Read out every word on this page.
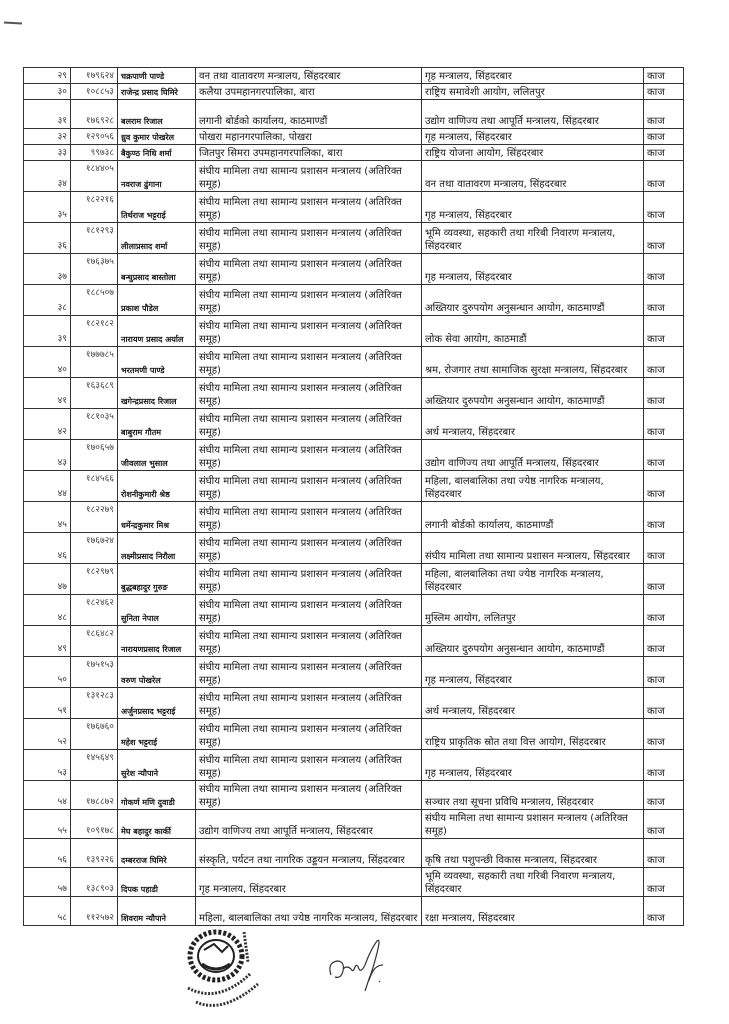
२९	१७९६२४	चक्रपाणी पाण्डे	वन तथा वातावरण मन्त्रालय, सिंहदरबार	गृह मन्त्रालय, सिंहदरबार	काज
३०	१०८८५३	राजेन्द्र प्रसाद घिमिरे	कलैया उपमहानगरपालिका, बारा	राष्ट्रिय समावेशी आयोग, ललितपुर	काज
३१	१७६९२८	बलराम रिजाल	लगानी बोर्डको कार्यालय, काठमाण्डौं	उद्योग वाणिज्य तथा आपूर्ति मन्त्रालय, सिंहदरबार	काज
३२	१२९०५६	ध्रुव कुमार पोखरेल	पोखरा महानगरपालिका, पोखरा	गृह मन्त्रालय, सिंहदरबार	काज
३३	९९७३८	बैकुण्ठ निधि शर्मा	जितपुर सिमरा उपमहानगरपालिका, बारा	राष्ट्रिय योजना आयोग, सिंहदरबार	काज
३४	१८४४०५	नवराज ढुंगाना	संघीय मामिला तथा सामान्य प्रशासन मन्त्रालय (अतिरिक्त समूह)	वन तथा वातावरण मन्त्रालय, सिंहदरबार	काज
३५	१८२२१६	तिर्थराज भट्टराई	संघीय मामिला तथा सामान्य प्रशासन मन्त्रालय (अतिरिक्त समूह)	गृह मन्त्रालय, सिंहदरबार	काज
३६	१८१२९३	लीलाप्रसाद शर्मा	संघीय मामिला तथा सामान्य प्रशासन मन्त्रालय (अतिरिक्त समूह)	भूमि व्यवस्था, सहकारी तथा गरिबी निवारण मन्त्रालय, सिंहदरबार	काज
३७	१७६३७५	बन्धुप्रसाद बास्तोला	संघीय मामिला तथा सामान्य प्रशासन मन्त्रालय (अतिरिक्त समूह)	गृह मन्त्रालय, सिंहदरबार	काज
३८	१८८५०७	प्रकाश पौडेल	संघीय मामिला तथा सामान्य प्रशासन मन्त्रालय (अतिरिक्त समूह)	अख्तियार दुरुपयोग अनुसन्धान आयोग, काठमाण्डौं	काज
३९	१८२१८२	नारायण प्रसाद अर्याल	संघीय मामिला तथा सामान्य प्रशासन मन्त्रालय (अतिरिक्त समूह)	लोक सेवा आयोग, काठमाडौं	काज
४०	१७७७८५	भरतमणी पाण्डे	संघीय मामिला तथा सामान्य प्रशासन मन्त्रालय (अतिरिक्त समूह)	श्रम, रोजगार तथा सामाजिक सुरक्षा मन्त्रालय, सिंहदरबार	काज
४१	१६३६८९	खगेन्द्रप्रसाद रिजाल	संघीय मामिला तथा सामान्य प्रशासन मन्त्रालय (अतिरिक्त समूह)	अख्तियार दुरुपयोग अनुसन्धान आयोग, काठमाण्डौं	काज
४२	१८१०३५	बाबुराम गौतम	संघीय मामिला तथा सामान्य प्रशासन मन्त्रालय (अतिरिक्त समूह)	अर्थ मन्त्रालय, सिंहदरबार	काज
४३	१७०६५७	जीवलाल भुसाल	संघीय मामिला तथा सामान्य प्रशासन मन्त्रालय (अतिरिक्त समूह)	उद्योग वाणिज्य तथा आपूर्ति मन्त्रालय, सिंहदरबार	काज
४४	१८४५६६	रोशनीकुमारी श्रेष्ठ	संघीय मामिला तथा सामान्य प्रशासन मन्त्रालय (अतिरिक्त समूह)	महिला, बालबालिका तथा ज्येष्ठ नागरिक मन्त्रालय, सिंहदरबार	काज
४५	१८२२७९	धर्मेन्द्रकुमार मिश्र	संघीय मामिला तथा सामान्य प्रशासन मन्त्रालय (अतिरिक्त समूह)	लगानी बोर्डको कार्यालय, काठमाण्डौं	काज
४६	१७६७२४	लक्ष्मीप्रसाद निरौला	संघीय मामिला तथा सामान्य प्रशासन मन्त्रालय (अतिरिक्त समूह)	संघीय मामिला तथा सामान्य प्रशासन मन्त्रालय, सिंहदरबार	काज
४७	१८२९७९	बुद्धबहादुर गुरुङ	संघीय मामिला तथा सामान्य प्रशासन मन्त्रालय (अतिरिक्त समूह)	महिला, बालबालिका तथा ज्येष्ठ नागरिक मन्त्रालय, सिंहदरबार	काज
४८	१८२४६२	सुनिता नेपाल	संघीय मामिला तथा सामान्य प्रशासन मन्त्रालय (अतिरिक्त समूह)	मुस्लिम आयोग, ललितपुर	काज
४९	१८६४८२	नारायणप्रसाद रिजाल	संघीय मामिला तथा सामान्य प्रशासन मन्त्रालय (अतिरिक्त समूह)	अख्तियार दुरुपयोग अनुसन्धान आयोग, काठमाण्डौं	काज
५०	१७५१५३	वरुण पोखरेल	संघीय मामिला तथा सामान्य प्रशासन मन्त्रालय (अतिरिक्त समूह)	गृह मन्त्रालय, सिंहदरबार	काज
५१	१३१२८३	अर्जुनप्रसाद भट्टराई	संघीय मामिला तथा सामान्य प्रशासन मन्त्रालय (अतिरिक्त समूह)	अर्थ मन्त्रालय, सिंहदरबार	काज
५२	१७६७६०	महेश भट्टराई	संघीय मामिला तथा सामान्य प्रशासन मन्त्रालय (अतिरिक्त समूह)	राष्ट्रिय प्राकृतिक स्रोत तथा वित्त आयोग, सिंहदरबार	काज
५३	१४५६४९	सुरेश न्यौपाने	संघीय मामिला तथा सामान्य प्रशासन मन्त्रालय (अतिरिक्त समूह)	गृह मन्त्रालय, सिंहदरबार	काज
५४	१७८८७२	गोकर्ण मणि दुवाडी	संघीय मामिला तथा सामान्य प्रशासन मन्त्रालय (अतिरिक्त समूह)	सञ्चार तथा सूचना प्रविधि मन्त्रालय, सिंहदरबार	काज
५५	१०९१७८	मेघ बहादुर कार्की	उद्योग वाणिज्य तथा आपूर्ति मन्त्रालय, सिंहदरबार	संघीय मामिला तथा सामान्य प्रशासन मन्त्रालय (अतिरिक्त समूह)	काज
५६	१३९२२६	दम्बरराज घिमिरे	संस्कृति, पर्यटन तथा नागरिक उड्डयन मन्त्रालय, सिंहदरबार	कृषि तथा पशुपन्छी विकास मन्त्रालय, सिंहदरबार	काज
५७	१३८९०३	दिपक पहाडी	गृह मन्त्रालय, सिंहदरबार	भूमि व्यवस्था, सहकारी तथा गरिबी निवारण मन्त्रालय, सिंहदरबार	काज
५८	११२५७२	शिवराम न्यौपाने	महिला, बालबालिका तथा ज्येष्ठ नागरिक मन्त्रालय, सिंहदरबार	रक्षा मन्त्रालय, सिंहदरबार	काज
